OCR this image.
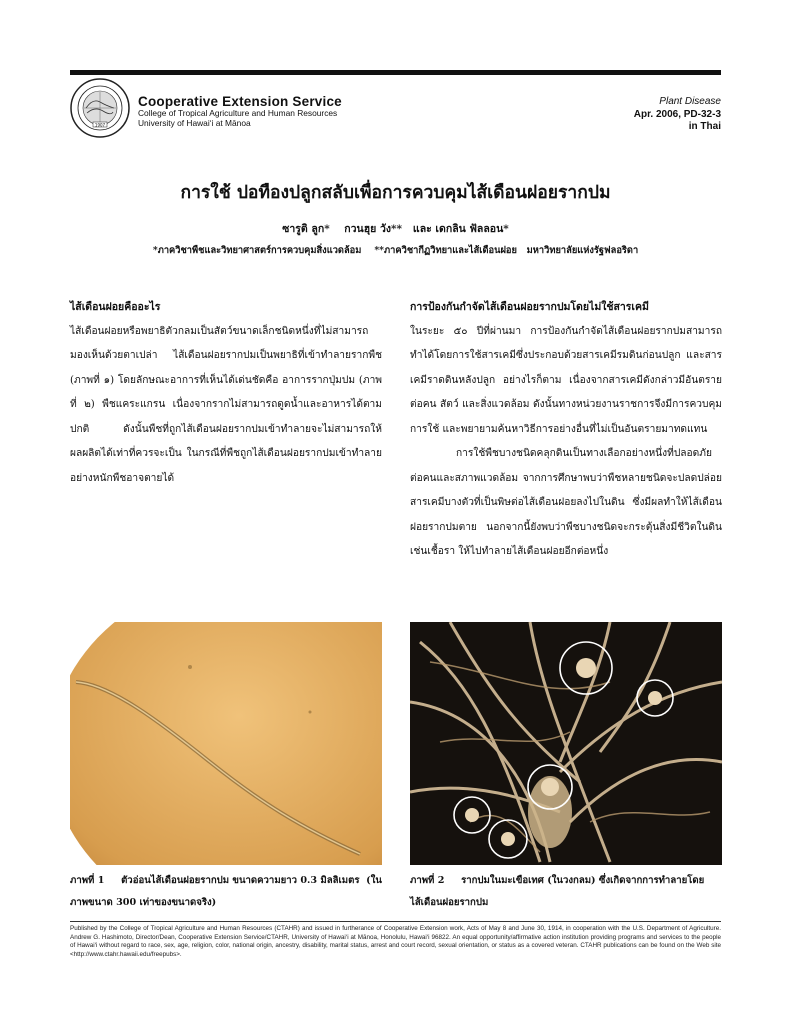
1907
Cooperative Extension Service
College of Tropical Agriculture and Human Resources
University of Hawai‘i at Mānoa
Plant Disease
Apr. 2006, PD-32-3
in Thai
การใช้ ปอทืองปลูกสลับเพื่อการควบคุมไส้เดือนฝอยรากปม
ซารูติ ลูก*    กวนฮุย วัง**   และ เดกลิน ฟัลลอน*
*ภาควิชาพืชและวิทยาศาสตร์การควบคุมสิ่งแวดล้อม    **ภาควิชากีฏวิทยาและไส้เดือนฝอย   มหาวิทยาลัยแห่งรัฐฟลอริดา
ไส้เดือนฝอยคืออะไร

ไส้เดือนฝอยหรือพยาธิตัวกลมเป็นสัตว์ขนาดเล็กชนิดหนึ่งที่ไม่สามารถมองเห็นด้วยตาเปล่า ไส้เดือนฝอยรากปมเป็นพยาธิที่เข้าทำลายรากพืช (ภาพที่ ๑) โดยลักษณะอาการที่เห็นได้เด่นชัดคือ อาการรากปุ่มปม (ภาพที่ ๒) พืชแคระแกรน เนื่องจากรากไม่สามารถดูดน้ำและอาหารได้ตามปกติ ดังนั้นพืชที่ถูกไส้เดือนฝอยรากปมเข้าทำลายจะไม่สามารถให้ผลผลิตได้เท่าที่ควรจะเป็น ในกรณีที่พืชถูกไส้เดือนฝอยรากปมเข้าทำลายอย่างหนักพืชอาจตายได้

การป้องกันกำจัดไส้เดือนฝอยรากปมโดยไม่ใช้สารเคมี

ในระยะ ๕๐ ปีที่ผ่านมา การป้องกันกำจัดไส้เดือนฝอยรากปมสามารถทำได้โดยการใช้สารเคมีซึ่งประกอบด้วยสารเคมีรมดินก่อนปลูก และสารเคมีราดดินหลังปลูก อย่างไรก็ตาม เนื่องจากสารเคมีดังกล่าวมีอันตรายต่อคน สัตว์ และสิ่งแวดล้อม ดังนั้นทางหน่วยงานราชการจึงมีการควบคุมการใช้ และพยายามค้นหาวิธีการอย่างอื่นที่ไม่เป็นอันตรายมาทดแทน

การใช้พืชบางชนิดคลุกดินเป็นทางเลือกอย่างหนึ่งที่ปลอดภัยต่อคนและสภาพแวดล้อม จากการศึกษาพบว่าพืชหลายชนิดจะปลดปล่อยสารเคมีบางตัวที่เป็นพิษต่อไส้เดือนฝอยลงไปในดิน ซึ่งมีผลทำให้ไส้เดือนฝอยรากปมตาย นอกจากนี้ยังพบว่าพืชบางชนิดจะกระตุ้นสิ่งมีชีวิตในดิน เช่นเชื้อรา ให้ไปทำลายไส้เดือนฝอยอีกต่อหนึ่ง

ภาพที่ 1     ตัวอ่อนไส้เดือนฝอยรากปม ขนาดความยาว 0.3 มิลลิเมตร  (ในภาพขนาด 300 เท่าของขนาดจริง)
ภาพที่ 2     รากปมในมะเขือเทศ (ในวงกลม) ซึ่งเกิดจากการทำลายโดยไส้เดือนฝอยรากปม
Published by the College of Tropical Agriculture and Human Resources (CTAHR) and issued in furtherance of Cooperative Extension work, Acts of May 8 and June 30, 1914, in cooperation with the U.S. Department of Agriculture. Andrew G. Hashimoto, Director/Dean, Cooperative Extension Service/CTAHR, University of Hawai‘i at Mānoa, Honolulu, Hawai‘i 96822. An equal opportunity/affirmative action institution providing programs and services to the people of Hawai‘i without regard to race, sex, age, religion, color, national origin, ancestry, disability, marital status, arrest and court record, sexual orientation, or status as a covered veteran. CTAHR publications can be found on the Web site <http://www.ctahr.hawaii.edu/freepubs>.
